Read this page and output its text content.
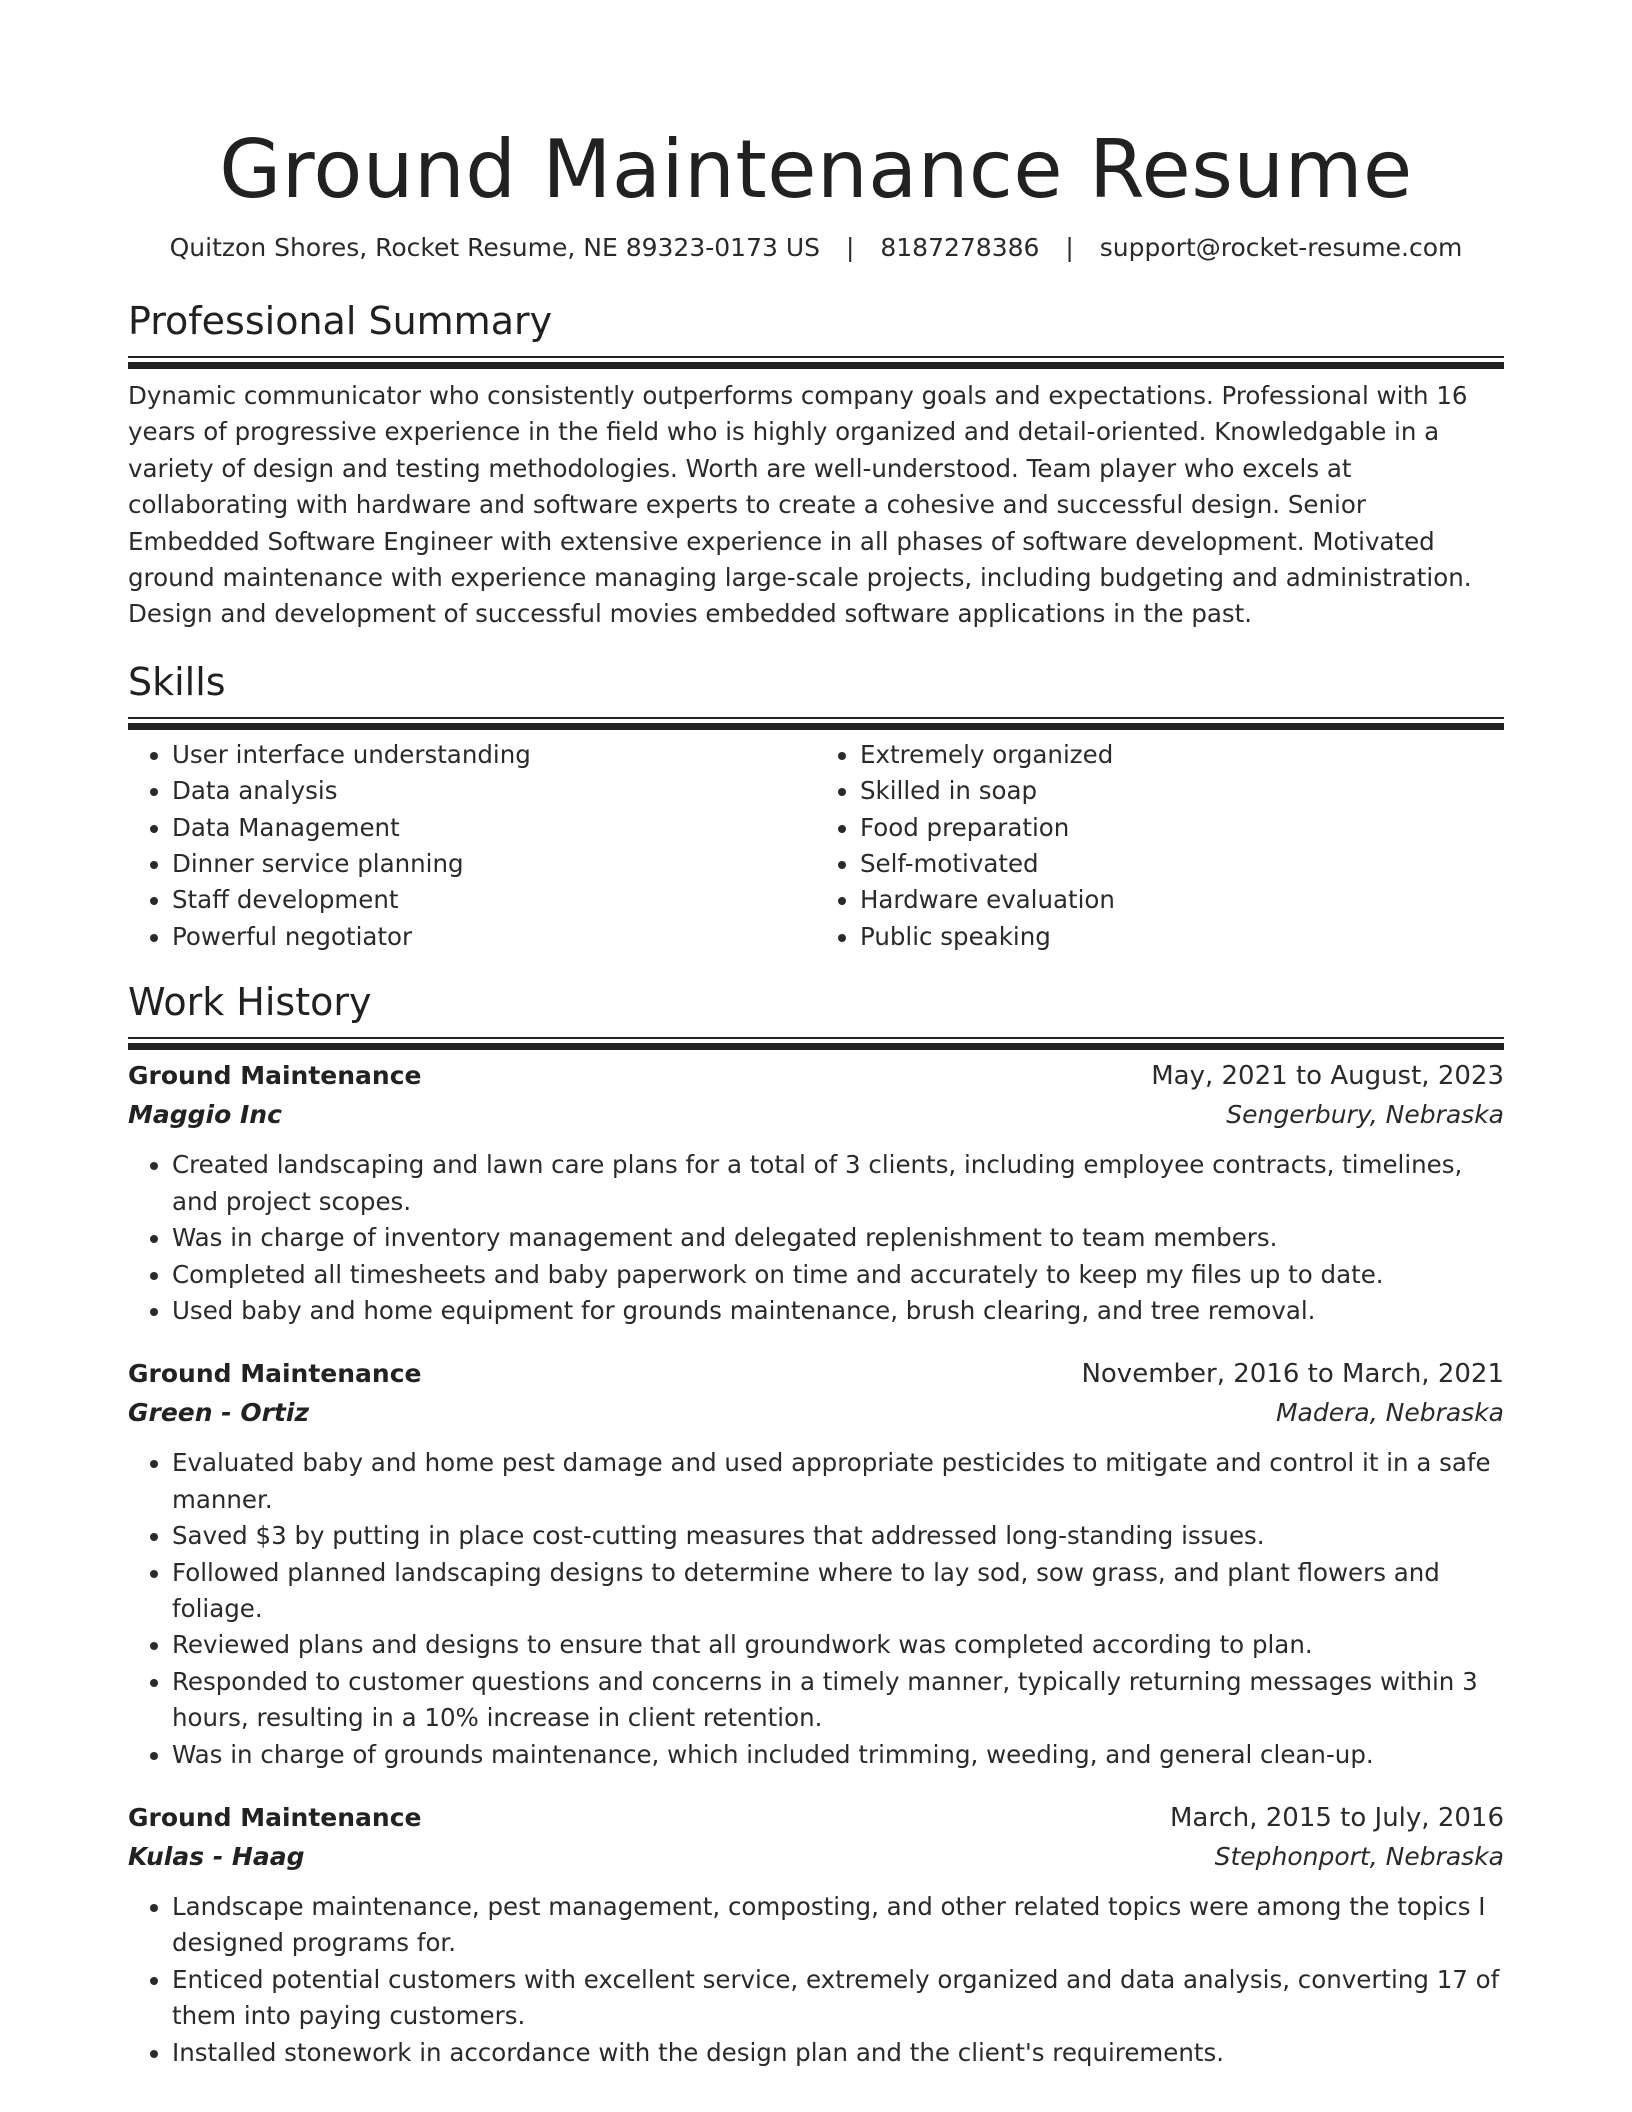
Ground Maintenance Resume
Quitzon Shores, Rocket Resume, NE 89323-0173 US | 8187278386 | support@rocket-resume.com
Professional Summary

Dynamic communicator who consistently outperforms company goals and expectations. Professional with 16 years of progressive experience in the field who is highly organized and detail-oriented. Knowledgable in a variety of design and testing methodologies. Worth are well-understood. Team player who excels at collaborating with hardware and software experts to create a cohesive and successful design. Senior Embedded Software Engineer with extensive experience in all phases of software development. Motivated ground maintenance with experience managing large-scale projects, including budgeting and administration. Design and development of successful movies embedded software applications in the past.

Skills
• User interface understanding
• Data analysis
• Data Management
• Dinner service planning
• Staff development
• Powerful negotiator
• Extremely organized
• Skilled in soap
• Food preparation
• Self-motivated
• Hardware evaluation
• Public speaking
Work History
Ground Maintenance	May, 2021 to August, 2023
Maggio Inc	Sengerbury, Nebraska
• Created landscaping and lawn care plans for a total of 3 clients, including employee contracts, timelines, and project scopes.
• Was in charge of inventory management and delegated replenishment to team members.
• Completed all timesheets and baby paperwork on time and accurately to keep my files up to date.
• Used baby and home equipment for grounds maintenance, brush clearing, and tree removal.
Ground Maintenance	November, 2016 to March, 2021
Green - Ortiz	Madera, Nebraska
• Evaluated baby and home pest damage and used appropriate pesticides to mitigate and control it in a safe manner.
• Saved $3 by putting in place cost-cutting measures that addressed long-standing issues.
• Followed planned landscaping designs to determine where to lay sod, sow grass, and plant flowers and foliage.
• Reviewed plans and designs to ensure that all groundwork was completed according to plan.
• Responded to customer questions and concerns in a timely manner, typically returning messages within 3 hours, resulting in a 10% increase in client retention.
• Was in charge of grounds maintenance, which included trimming, weeding, and general clean-up.
Ground Maintenance	March, 2015 to July, 2016
Kulas - Haag	Stephonport, Nebraska
• Landscape maintenance, pest management, composting, and other related topics were among the topics I designed programs for.
• Enticed potential customers with excellent service, extremely organized and data analysis, converting 17 of them into paying customers.
• Installed stonework in accordance with the design plan and the client's requirements.
